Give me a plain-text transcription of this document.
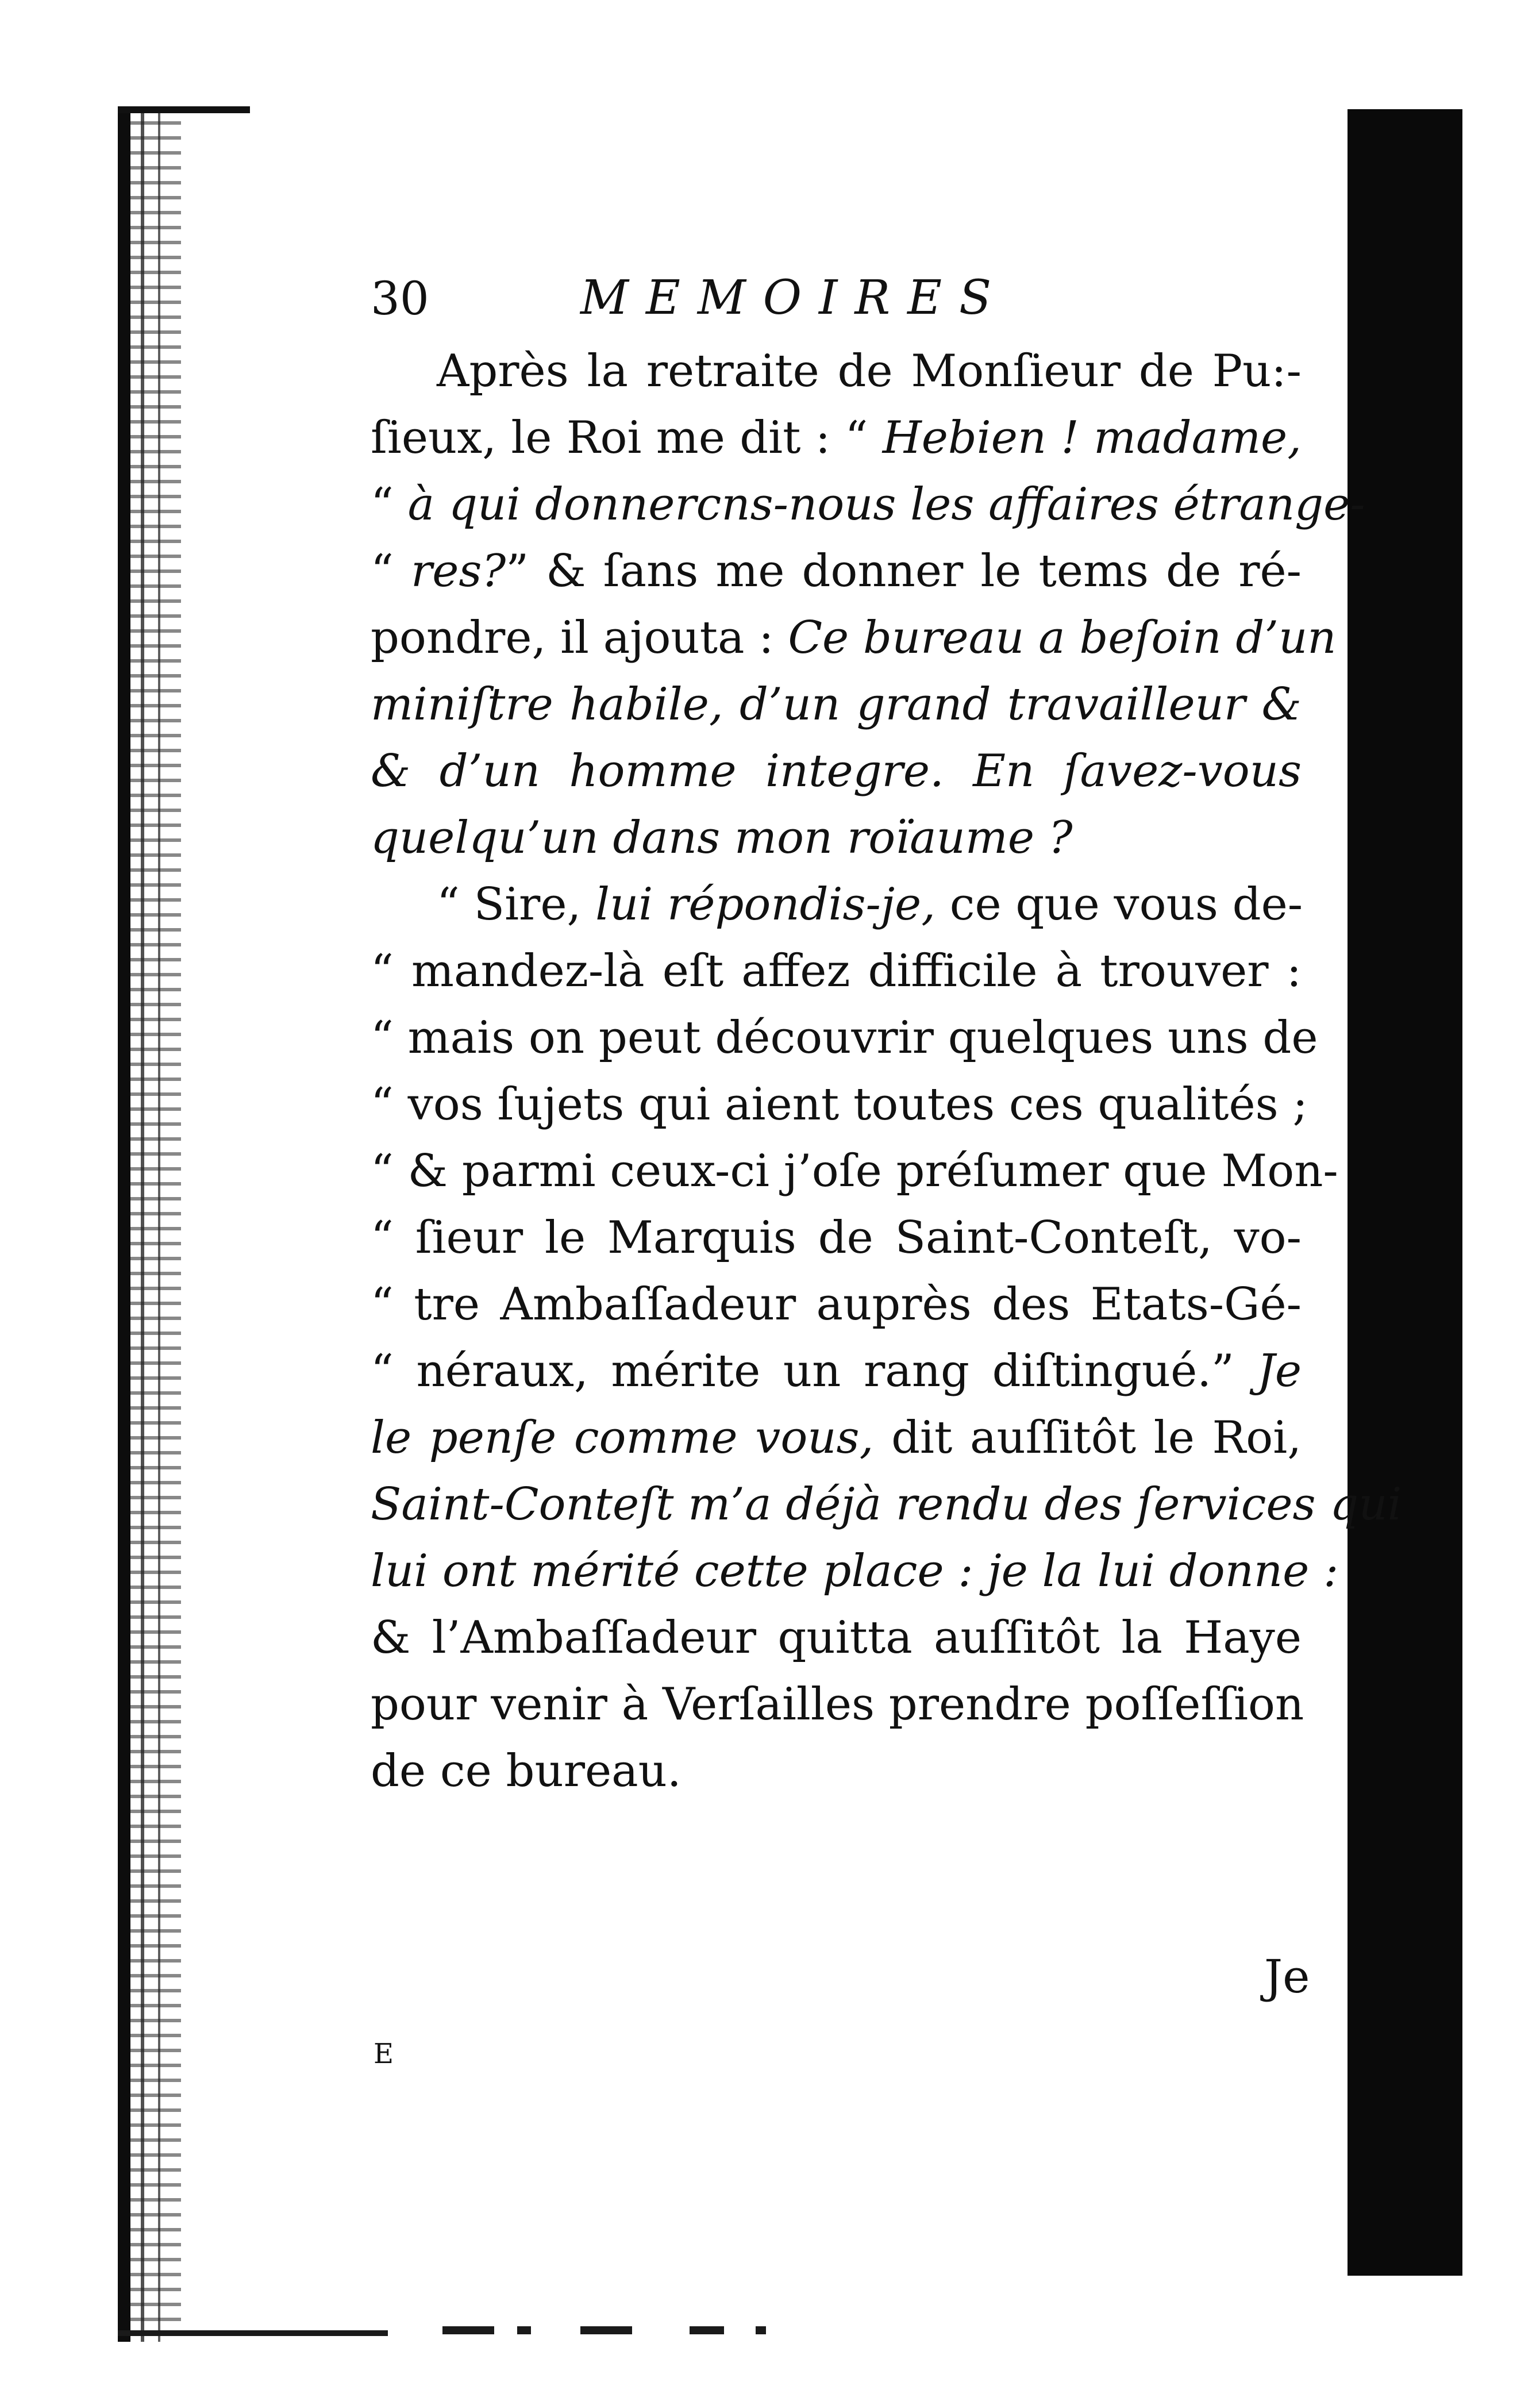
30	MEMOIRES
Après la retraite de Monſieur de Pu:-
ſieux, le Roi me dit : “ Hebien ! madame,
“ à qui donnercns-nous les affaires étrange-
“ res?” & ſans me donner le tems de ré-
pondre, il ajouta : Ce bureau a beſoin d’un
miniſtre habile, d’un grand travailleur &
& d’un homme integre. En ſavez-vous
quelqu’un dans mon roïaume ?
“ Sire, lui répondis-je, ce que vous de-
“ mandez-là eſt affez difficile à trouver :
“ mais on peut découvrir quelques uns de
“ vos ſujets qui aient toutes ces qualités ;
“ & parmi ceux-ci j’oſe préſumer que Mon-
“ ſieur le Marquis de Saint-Conteſt, vo-
“ tre Ambaſſadeur auprès des Etats-Gé-
“ néraux, mérite un rang diſtingué.” Je
le penſe comme vous, dit auſſitôt le Roi,
Saint-Conteſt m’a déjà rendu des ſervices qui
lui ont mérité cette place : je la lui donne :
& l’Ambaſſadeur quitta auſſitôt la Haye
pour venir à Verſailles prendre poſſeſſion
de ce bureau.
Je
E
